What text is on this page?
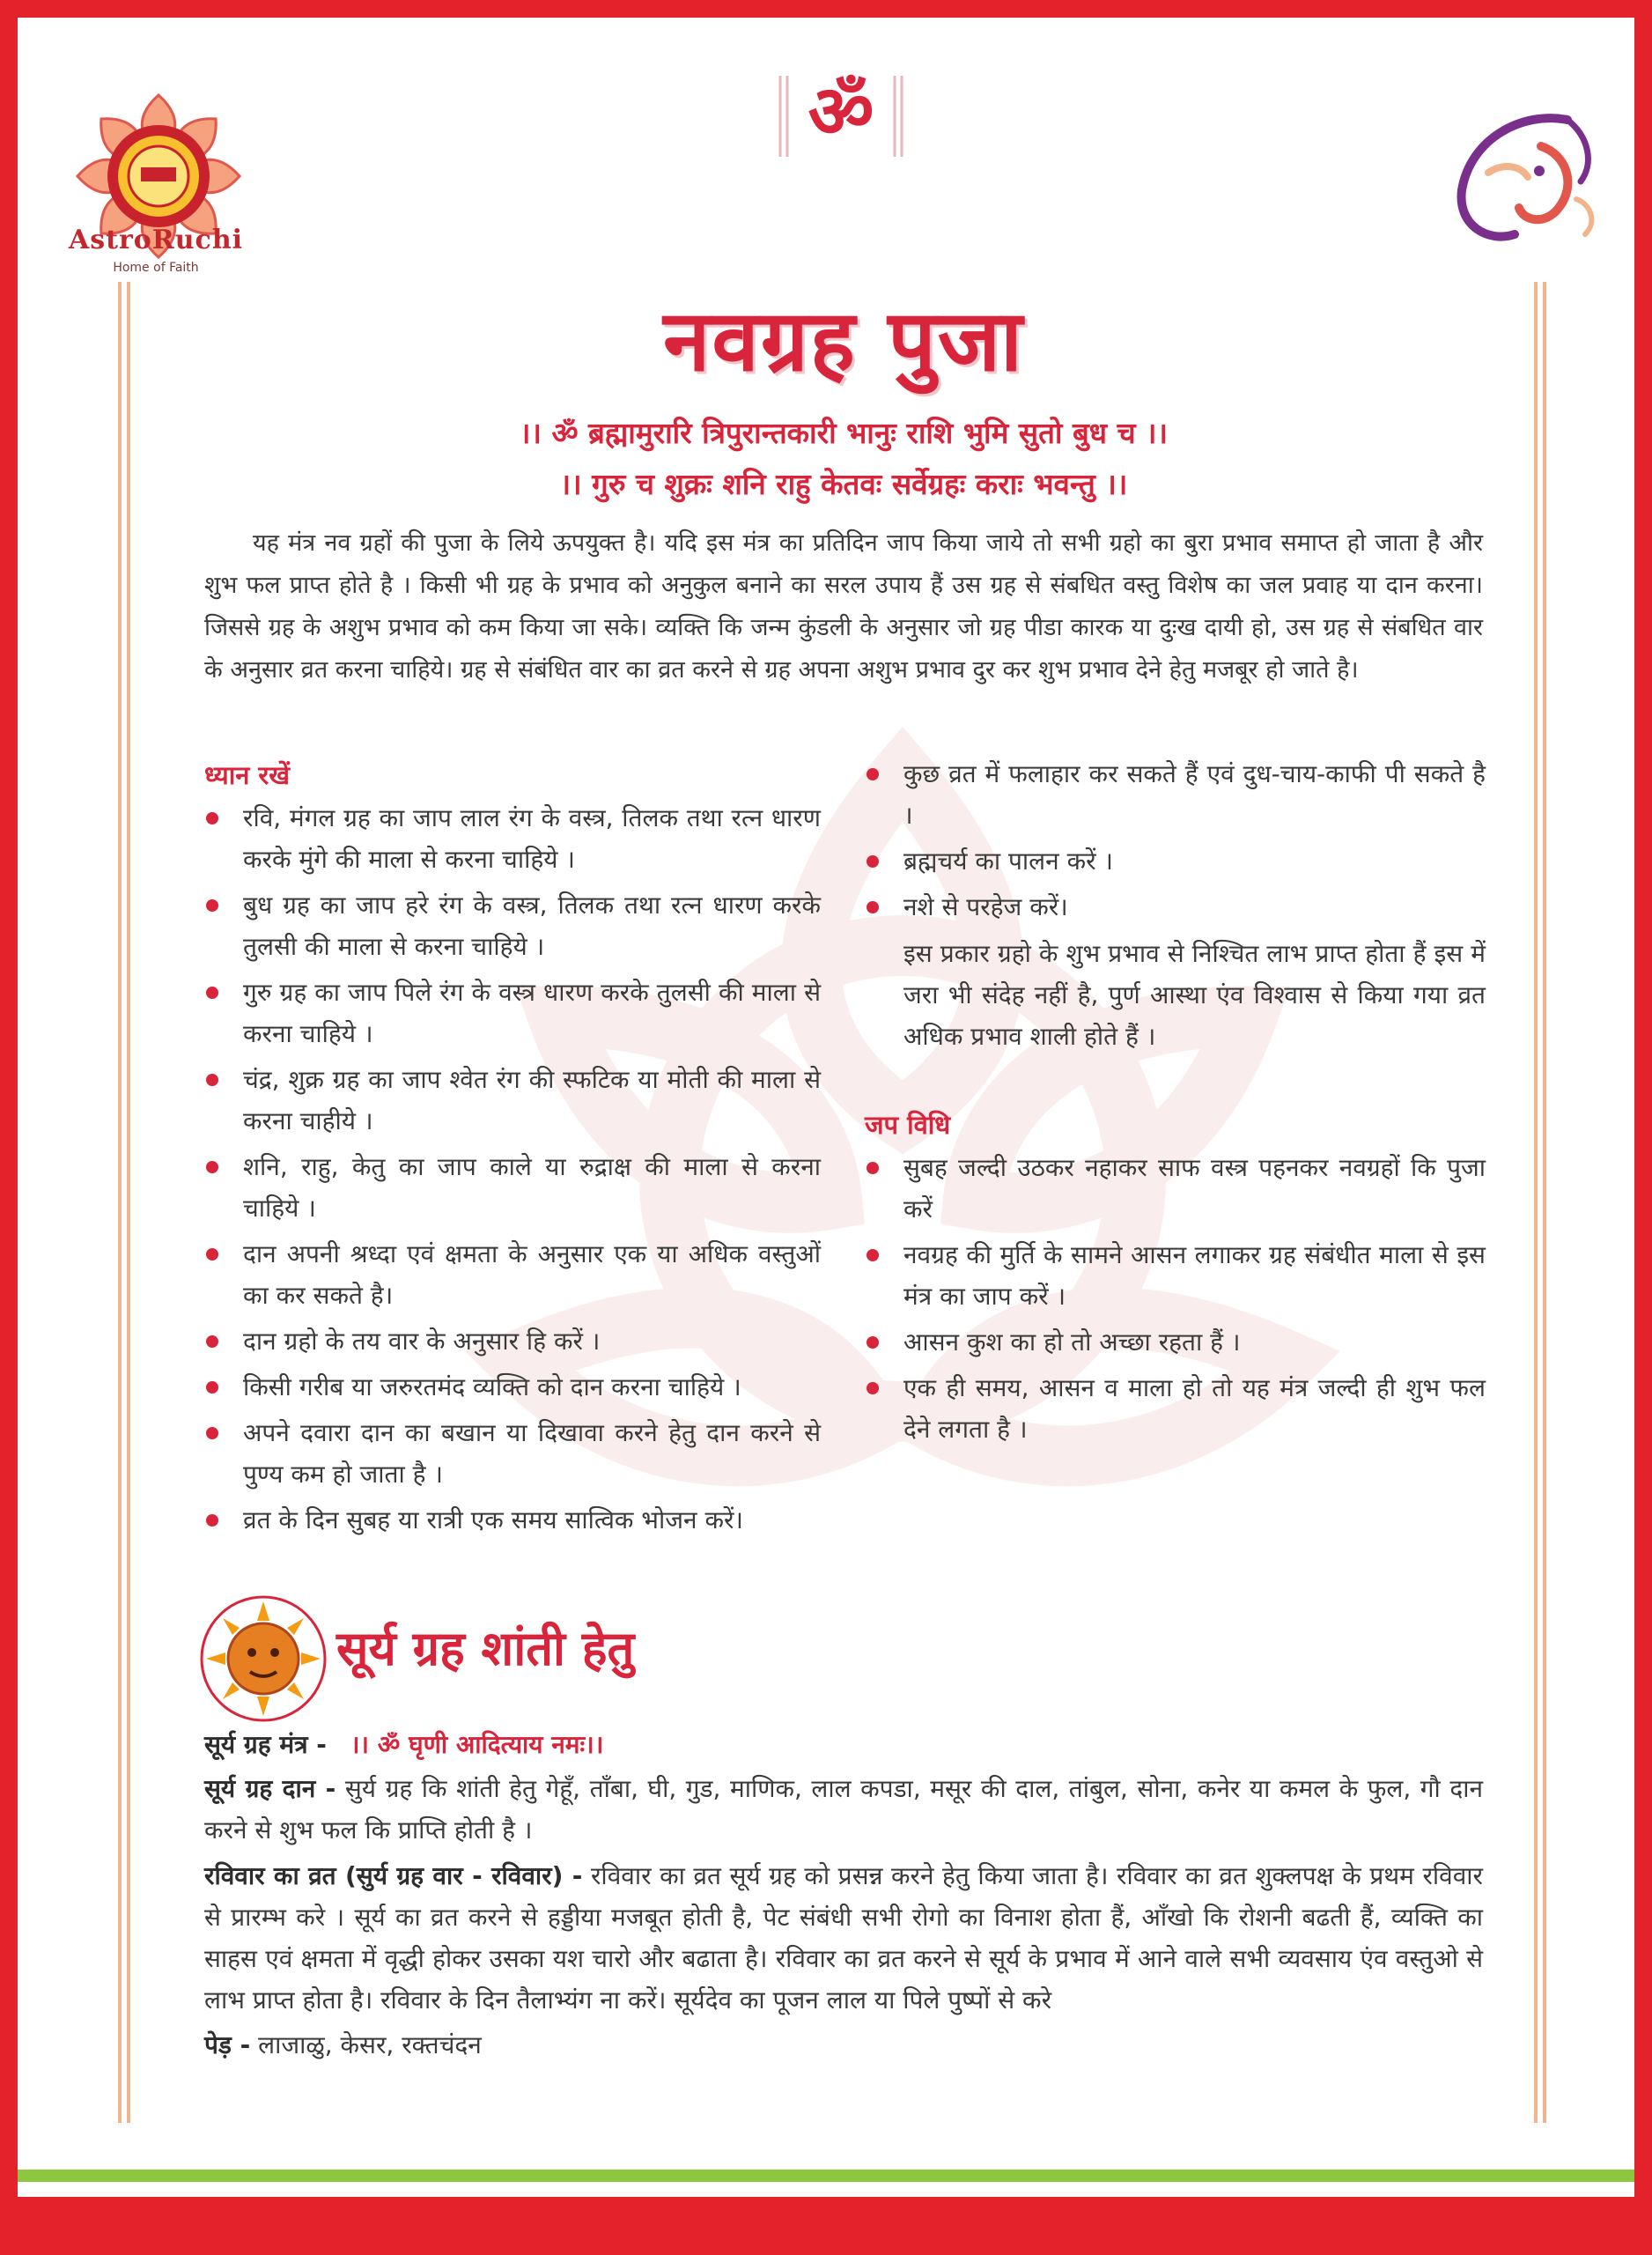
AstroRuchi
Home of Faith
ॐ
नवग्रह पुजा
।। ॐ ब्रह्मामुरारि त्रिपुरान्तकारी भानुः राशि भुमि सुतो बुध च ।।
।। गुरु च शुक्रः शनि राहु केतवः सर्वेग्रहः कराः भवन्तु ।।
यह मंत्र नव ग्रहों की पुजा के लिये ऊपयुक्त है। यदि इस मंत्र का प्रतिदिन जाप किया जाये तो सभी ग्रहो का बुरा प्रभाव समाप्त हो जाता है और शुभ फल प्राप्त होते है । किसी भी ग्रह के प्रभाव को अनुकुल बनाने का सरल उपाय हैं उस ग्रह से संबधित वस्तु विशेष का जल प्रवाह या दान करना। जिससे ग्रह के अशुभ प्रभाव को कम किया जा सके। व्यक्ति कि जन्म कुंडली के अनुसार जो ग्रह पीडा कारक या दुःख दायी हो, उस ग्रह से संबधित वार के अनुसार व्रत करना चाहिये। ग्रह से संबंधित वार का व्रत करने से ग्रह अपना अशुभ प्रभाव दुर कर शुभ प्रभाव देने हेतु मजबूर हो जाते है।
ध्यान रखें
रवि, मंगल ग्रह का जाप लाल रंग के वस्त्र, तिलक तथा रत्न धारण करके मुंगे की माला से करना चाहिये ।
बुध ग्रह का जाप हरे रंग के वस्त्र, तिलक तथा रत्न धारण करके तुलसी की माला से करना चाहिये ।
गुरु ग्रह का जाप पिले रंग के वस्त्र धारण करके तुलसी की माला से करना चाहिये ।
चंद्र, शुक्र ग्रह का जाप श्वेत रंग की स्फटिक या मोती की माला से करना चाहीये ।
शनि, राहु, केतु का जाप काले या रुद्राक्ष की माला से करना चाहिये ।
दान अपनी श्रध्दा एवं क्षमता के अनुसार एक या अधिक वस्तुओं का कर सकते है।
दान ग्रहो के तय वार के अनुसार हि करें ।
किसी गरीब या जरुरतमंद व्यक्ति को दान करना चाहिये ।
अपने दवारा दान का बखान या दिखावा करने हेतु दान करने से पुण्य कम हो जाता है ।
व्रत के दिन सुबह या रात्री एक समय सात्विक भोजन करें।
कुछ व्रत में फलाहार कर सकते हैं एवं दुध-चाय-काफी पी सकते है ।
ब्रह्मचर्य का पालन करें ।
नशे से परहेज करें।

इस प्रकार ग्रहो के शुभ प्रभाव से निश्चित लाभ प्राप्त होता हैं इस में जरा भी संदेह नहीं है, पुर्ण आस्था एंव विश्वास से किया गया व्रत अधिक प्रभाव शाली होते हैं ।

जप विधि
सुबह जल्दी उठकर नहाकर साफ वस्त्र पहनकर नवग्रहों कि पुजा करें
नवग्रह की मुर्ति के सामने आसन लगाकर ग्रह संबंधीत माला से इस मंत्र का जाप करें ।
आसन कुश का हो तो अच्छा रहता हैं ।
एक ही समय, आसन व माला हो तो यह मंत्र जल्दी ही शुभ फल देने लगता है ।
सूर्य ग्रह शांती हेतु
सूर्य ग्रह मंत्र - ।। ॐ घृणी आदित्याय नमः।।
सूर्य ग्रह दान - सुर्य ग्रह कि शांती हेतु गेहूँ, ताँबा, घी, गुड, माणिक, लाल कपडा, मसूर की दाल, तांबुल, सोना, कनेर या कमल के फुल, गौ दान करने से शुभ फल कि प्राप्ति होती है ।
रविवार का व्रत (सुर्य ग्रह वार - रविवार) - रविवार का व्रत सूर्य ग्रह को प्रसन्न करने हेतु किया जाता है। रविवार का व्रत शुक्लपक्ष के प्रथम रविवार से प्रारम्भ करे । सूर्य का व्रत करने से हड्डीया मजबूत होती है, पेट संबंधी सभी रोगो का विनाश होता हैं, आँखो कि रोशनी बढती हैं, व्यक्ति का साहस एवं क्षमता में वृद्धी होकर उसका यश चारो और बढाता है। रविवार का व्रत करने से सूर्य के प्रभाव में आने वाले सभी व्यवसाय एंव वस्तुओ से लाभ प्राप्त होता है। रविवार के दिन तैलाभ्यंग ना करें। सूर्यदेव का पूजन लाल या पिले पुष्पों से करे
पेड़ - लाजाळु, केसर, रक्तचंदन
